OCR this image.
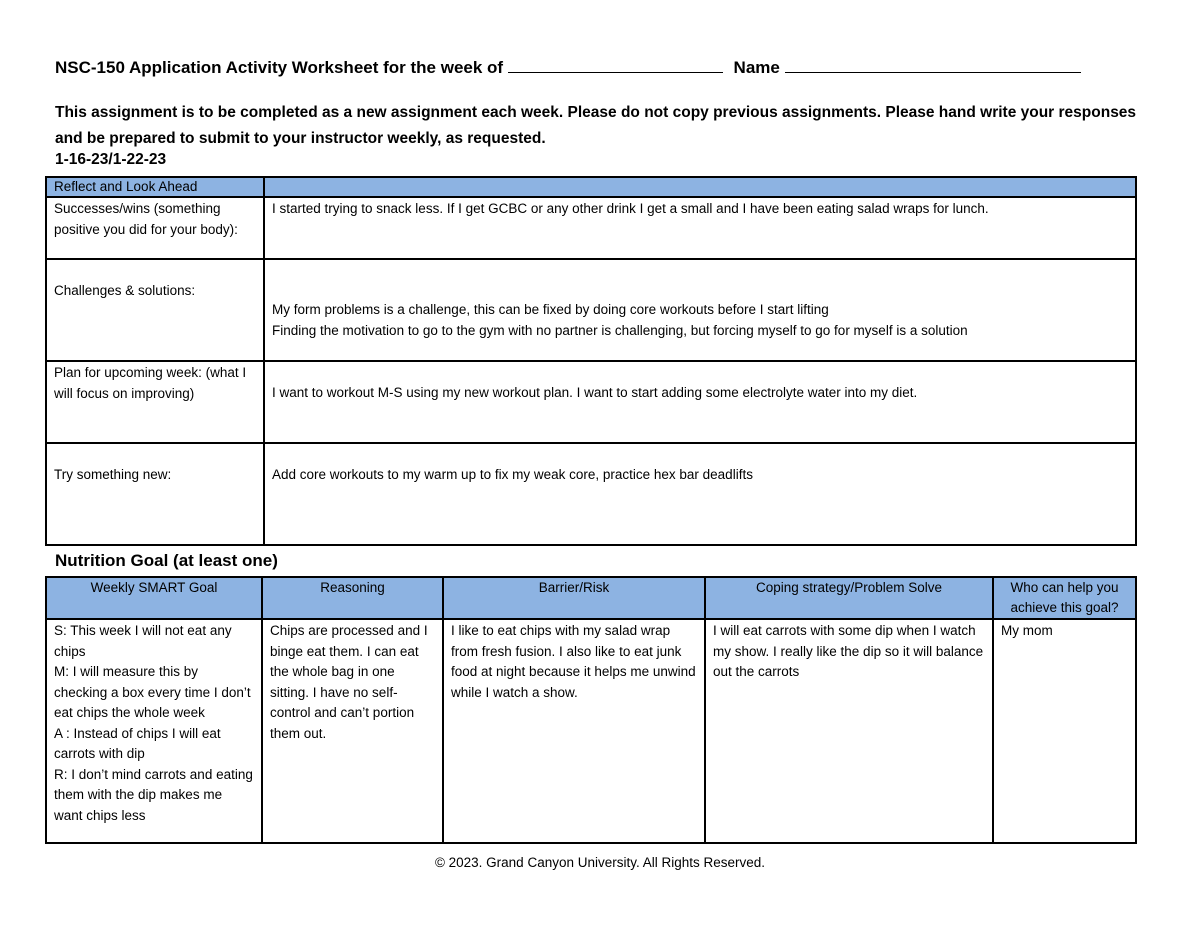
NSC-150 Application Activity Worksheet for the week of	Name
This assignment is to be completed as a new assignment each week. Please do not copy previous assignments. Please hand write your responses and be prepared to submit to your instructor weekly, as requested.
1-16-23/1-22-23
Reflect and Look Ahead	
Successes/wins (something positive you did for your body):	I started trying to snack less. If I get GCBC or any other drink I get a small and I have been eating salad wraps for lunch.

Challenges & solutions:	My form problems is a challenge, this can be fixed by doing core workouts before I start lifting
Finding the motivation to go to the gym with no partner is challenging, but forcing myself to go for myself is a solution

Plan for upcoming week: (what I will focus on improving)	I want to workout M-S using my new workout plan. I want to start adding some electrolyte water into my diet.

Try something new:	Add core workouts to my warm up to fix my weak core, practice hex bar deadlifts
Nutrition Goal (at least one)
Weekly SMART Goal	Reasoning	Barrier/Risk	Coping strategy/Problem Solve	Who can help you achieve this goal?

S: This week I will not eat any chips
M: I will measure this by checking a box every time I don’t eat chips the whole week
A : Instead of chips I will eat carrots with dip
R: I don’t mind carrots and eating them with the dip makes me want chips less	Chips are processed and I binge eat them. I can eat the whole bag in one sitting. I have no self-control and can’t portion them out.	I like to eat chips with my salad wrap from fresh fusion. I also like to eat junk food at night because it helps me unwind while I watch a show.	I will eat carrots with some dip when I watch my show. I really like the dip so it will balance out the carrots	My mom
© 2023. Grand Canyon University. All Rights Reserved.
